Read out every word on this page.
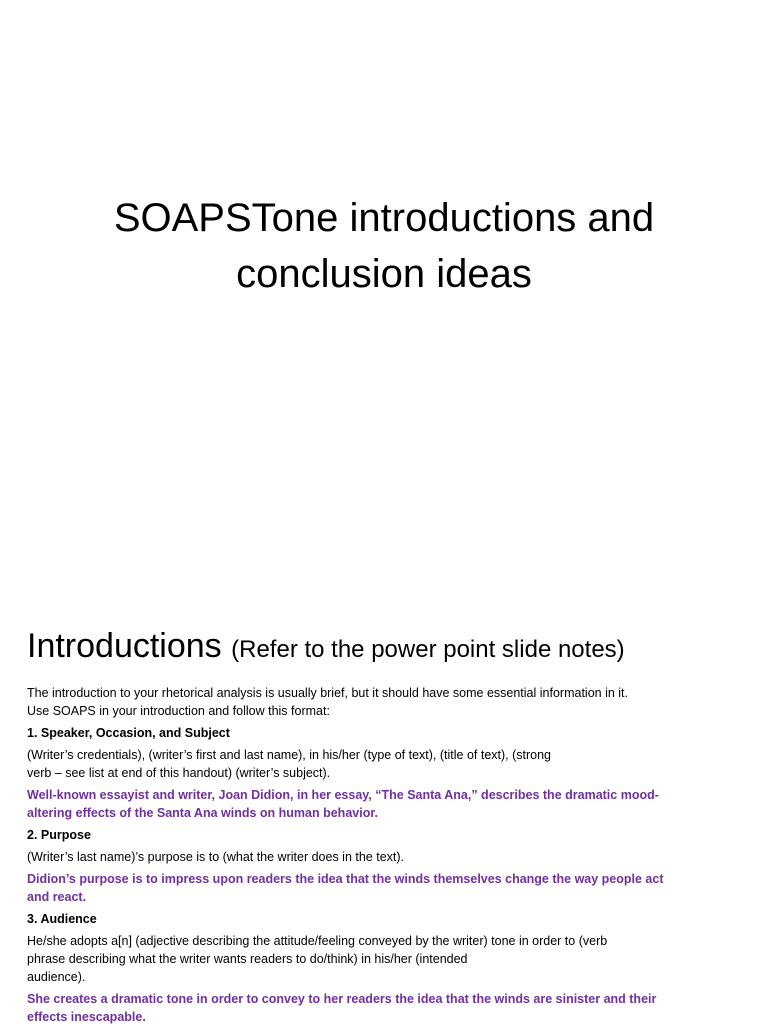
SOAPSTone introductions and
conclusion ideas
Introductions (Refer to the power point slide notes)

The introduction to your rhetorical analysis is usually brief, but it should have some essential information in it.
Use SOAPS in your introduction and follow this format:

1. Speaker, Occasion, and Subject

(Writer’s credentials), (writer’s first and last name), in his/her (type of text), (title of text), (strong
verb – see list at end of this handout) (writer’s subject).

Well-known essayist and writer, Joan Didion, in her essay, “The Santa Ana,” describes the dramatic mood-
altering effects of the Santa Ana winds on human behavior.

2. Purpose

(Writer’s last name)’s purpose is to (what the writer does in the text).

Didion’s purpose is to impress upon readers the idea that the winds themselves change the way people act
and react.

3. Audience

He/she adopts a[n] (adjective describing the attitude/feeling conveyed by the writer) tone in order to (verb
phrase describing what the writer wants readers to do/think) in his/her (intended
audience).

She creates a dramatic tone in order to convey to her readers the idea that the winds are sinister and their
effects inescapable.
